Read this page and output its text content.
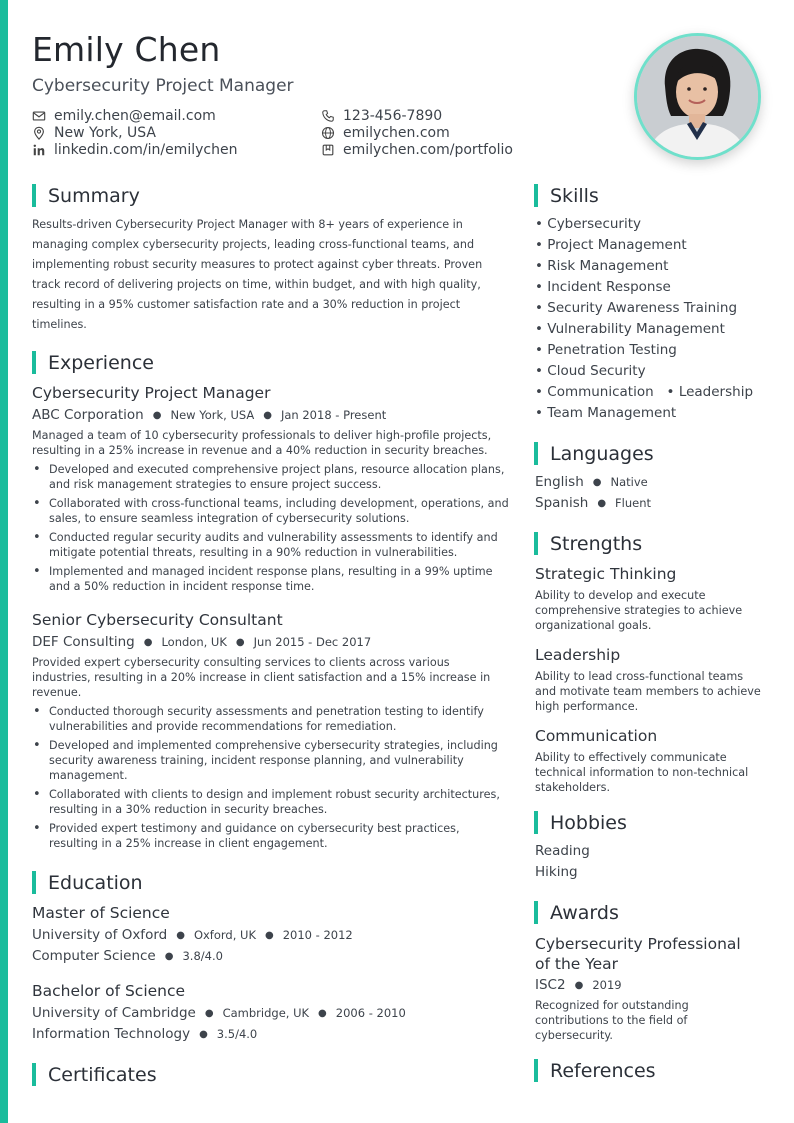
Emily Chen
Cybersecurity Project Manager
emily.chen@email.com	123-456-7890
New York, USA	emilychen.com
linkedin.com/in/emilychen	emilychen.com/portfolio
Summary
Results-driven Cybersecurity Project Manager with 8+ years of experience in managing complex cybersecurity projects, leading cross-functional teams, and implementing robust security measures to protect against cyber threats. Proven track record of delivering projects on time, within budget, and with high quality, resulting in a 95% customer satisfaction rate and a 30% reduction in project timelines.
Experience
Cybersecurity Project Manager
ABC Corporation ● New York, USA ● Jan 2018 - Present
Managed a team of 10 cybersecurity professionals to deliver high-profile projects, resulting in a 25% increase in revenue and a 40% reduction in security breaches.
• Developed and executed comprehensive project plans, resource allocation plans, and risk management strategies to ensure project success.
• Collaborated with cross-functional teams, including development, operations, and sales, to ensure seamless integration of cybersecurity solutions.
• Conducted regular security audits and vulnerability assessments to identify and mitigate potential threats, resulting in a 90% reduction in vulnerabilities.
• Implemented and managed incident response plans, resulting in a 99% uptime and a 50% reduction in incident response time.
Senior Cybersecurity Consultant
DEF Consulting ● London, UK ● Jun 2015 - Dec 2017
Provided expert cybersecurity consulting services to clients across various industries, resulting in a 20% increase in client satisfaction and a 15% increase in revenue.
• Conducted thorough security assessments and penetration testing to identify vulnerabilities and provide recommendations for remediation.
• Developed and implemented comprehensive cybersecurity strategies, including security awareness training, incident response planning, and vulnerability management.
• Collaborated with clients to design and implement robust security architectures, resulting in a 30% reduction in security breaches.
• Provided expert testimony and guidance on cybersecurity best practices, resulting in a 25% increase in client engagement.
Education
Master of Science
University of Oxford ● Oxford, UK ● 2010 - 2012
Computer Science ● 3.8/4.0
Bachelor of Science
University of Cambridge ● Cambridge, UK ● 2006 - 2010
Information Technology ● 3.5/4.0
Certificates
Skills
• Cybersecurity
• Project Management
• Risk Management
• Incident Response
• Security Awareness Training
• Vulnerability Management
• Penetration Testing
• Cloud Security
• Communication   • Leadership
• Team Management
Languages
English ● Native
Spanish ● Fluent
Strengths
Strategic Thinking
Ability to develop and execute comprehensive strategies to achieve organizational goals.
Leadership
Ability to lead cross-functional teams and motivate team members to achieve high performance.
Communication
Ability to effectively communicate technical information to non-technical stakeholders.
Hobbies
Reading
Hiking
Awards
Cybersecurity Professional of the Year
ISC2 ● 2019
Recognized for outstanding contributions to the field of cybersecurity.
References
